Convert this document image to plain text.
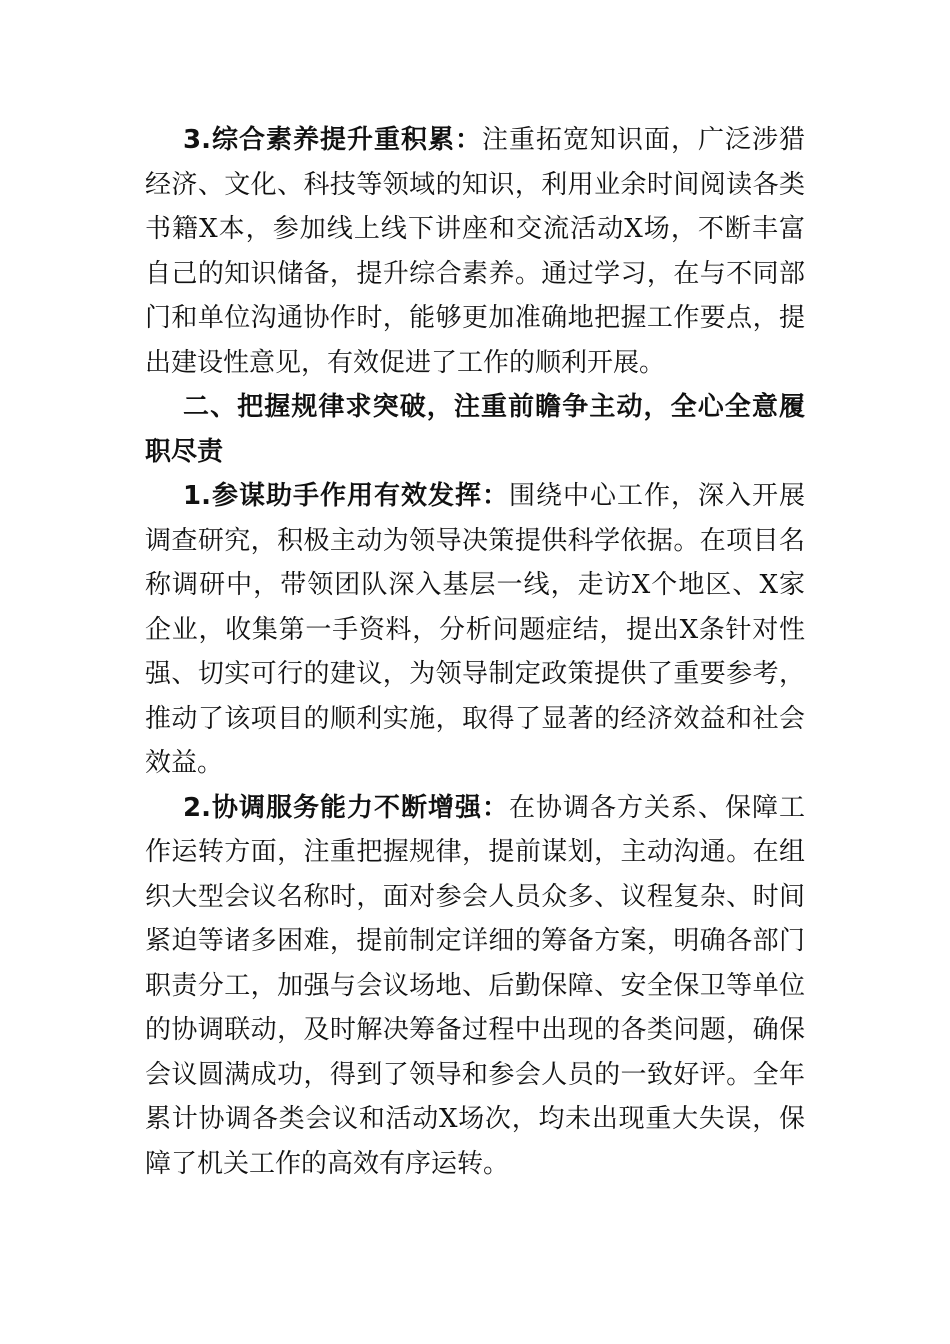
3.综合素养提升重积累：注重拓宽知识面，广泛涉猎
经济、文化、科技等领域的知识，利用业余时间阅读各类
书籍X本，参加线上线下讲座和交流活动X场，不断丰富
自己的知识储备，提升综合素养。通过学习，在与不同部
门和单位沟通协作时，能够更加准确地把握工作要点，提
出建设性意见，有效促进了工作的顺利开展。
二、把握规律求突破，注重前瞻争主动，全心全意履
职尽责
1.参谋助手作用有效发挥：围绕中心工作，深入开展
调查研究，积极主动为领导决策提供科学依据。在项目名
称调研中，带领团队深入基层一线，走访X个地区、X家
企业，收集第一手资料，分析问题症结，提出X条针对性
强、切实可行的建议，为领导制定政策提供了重要参考，
推动了该项目的顺利实施，取得了显著的经济效益和社会
效益。
2.协调服务能力不断增强：在协调各方关系、保障工
作运转方面，注重把握规律，提前谋划，主动沟通。在组
织大型会议名称时，面对参会人员众多、议程复杂、时间
紧迫等诸多困难，提前制定详细的筹备方案，明确各部门
职责分工，加强与会议场地、后勤保障、安全保卫等单位
的协调联动，及时解决筹备过程中出现的各类问题，确保
会议圆满成功，得到了领导和参会人员的一致好评。全年
累计协调各类会议和活动X场次，均未出现重大失误，保
障了机关工作的高效有序运转。
